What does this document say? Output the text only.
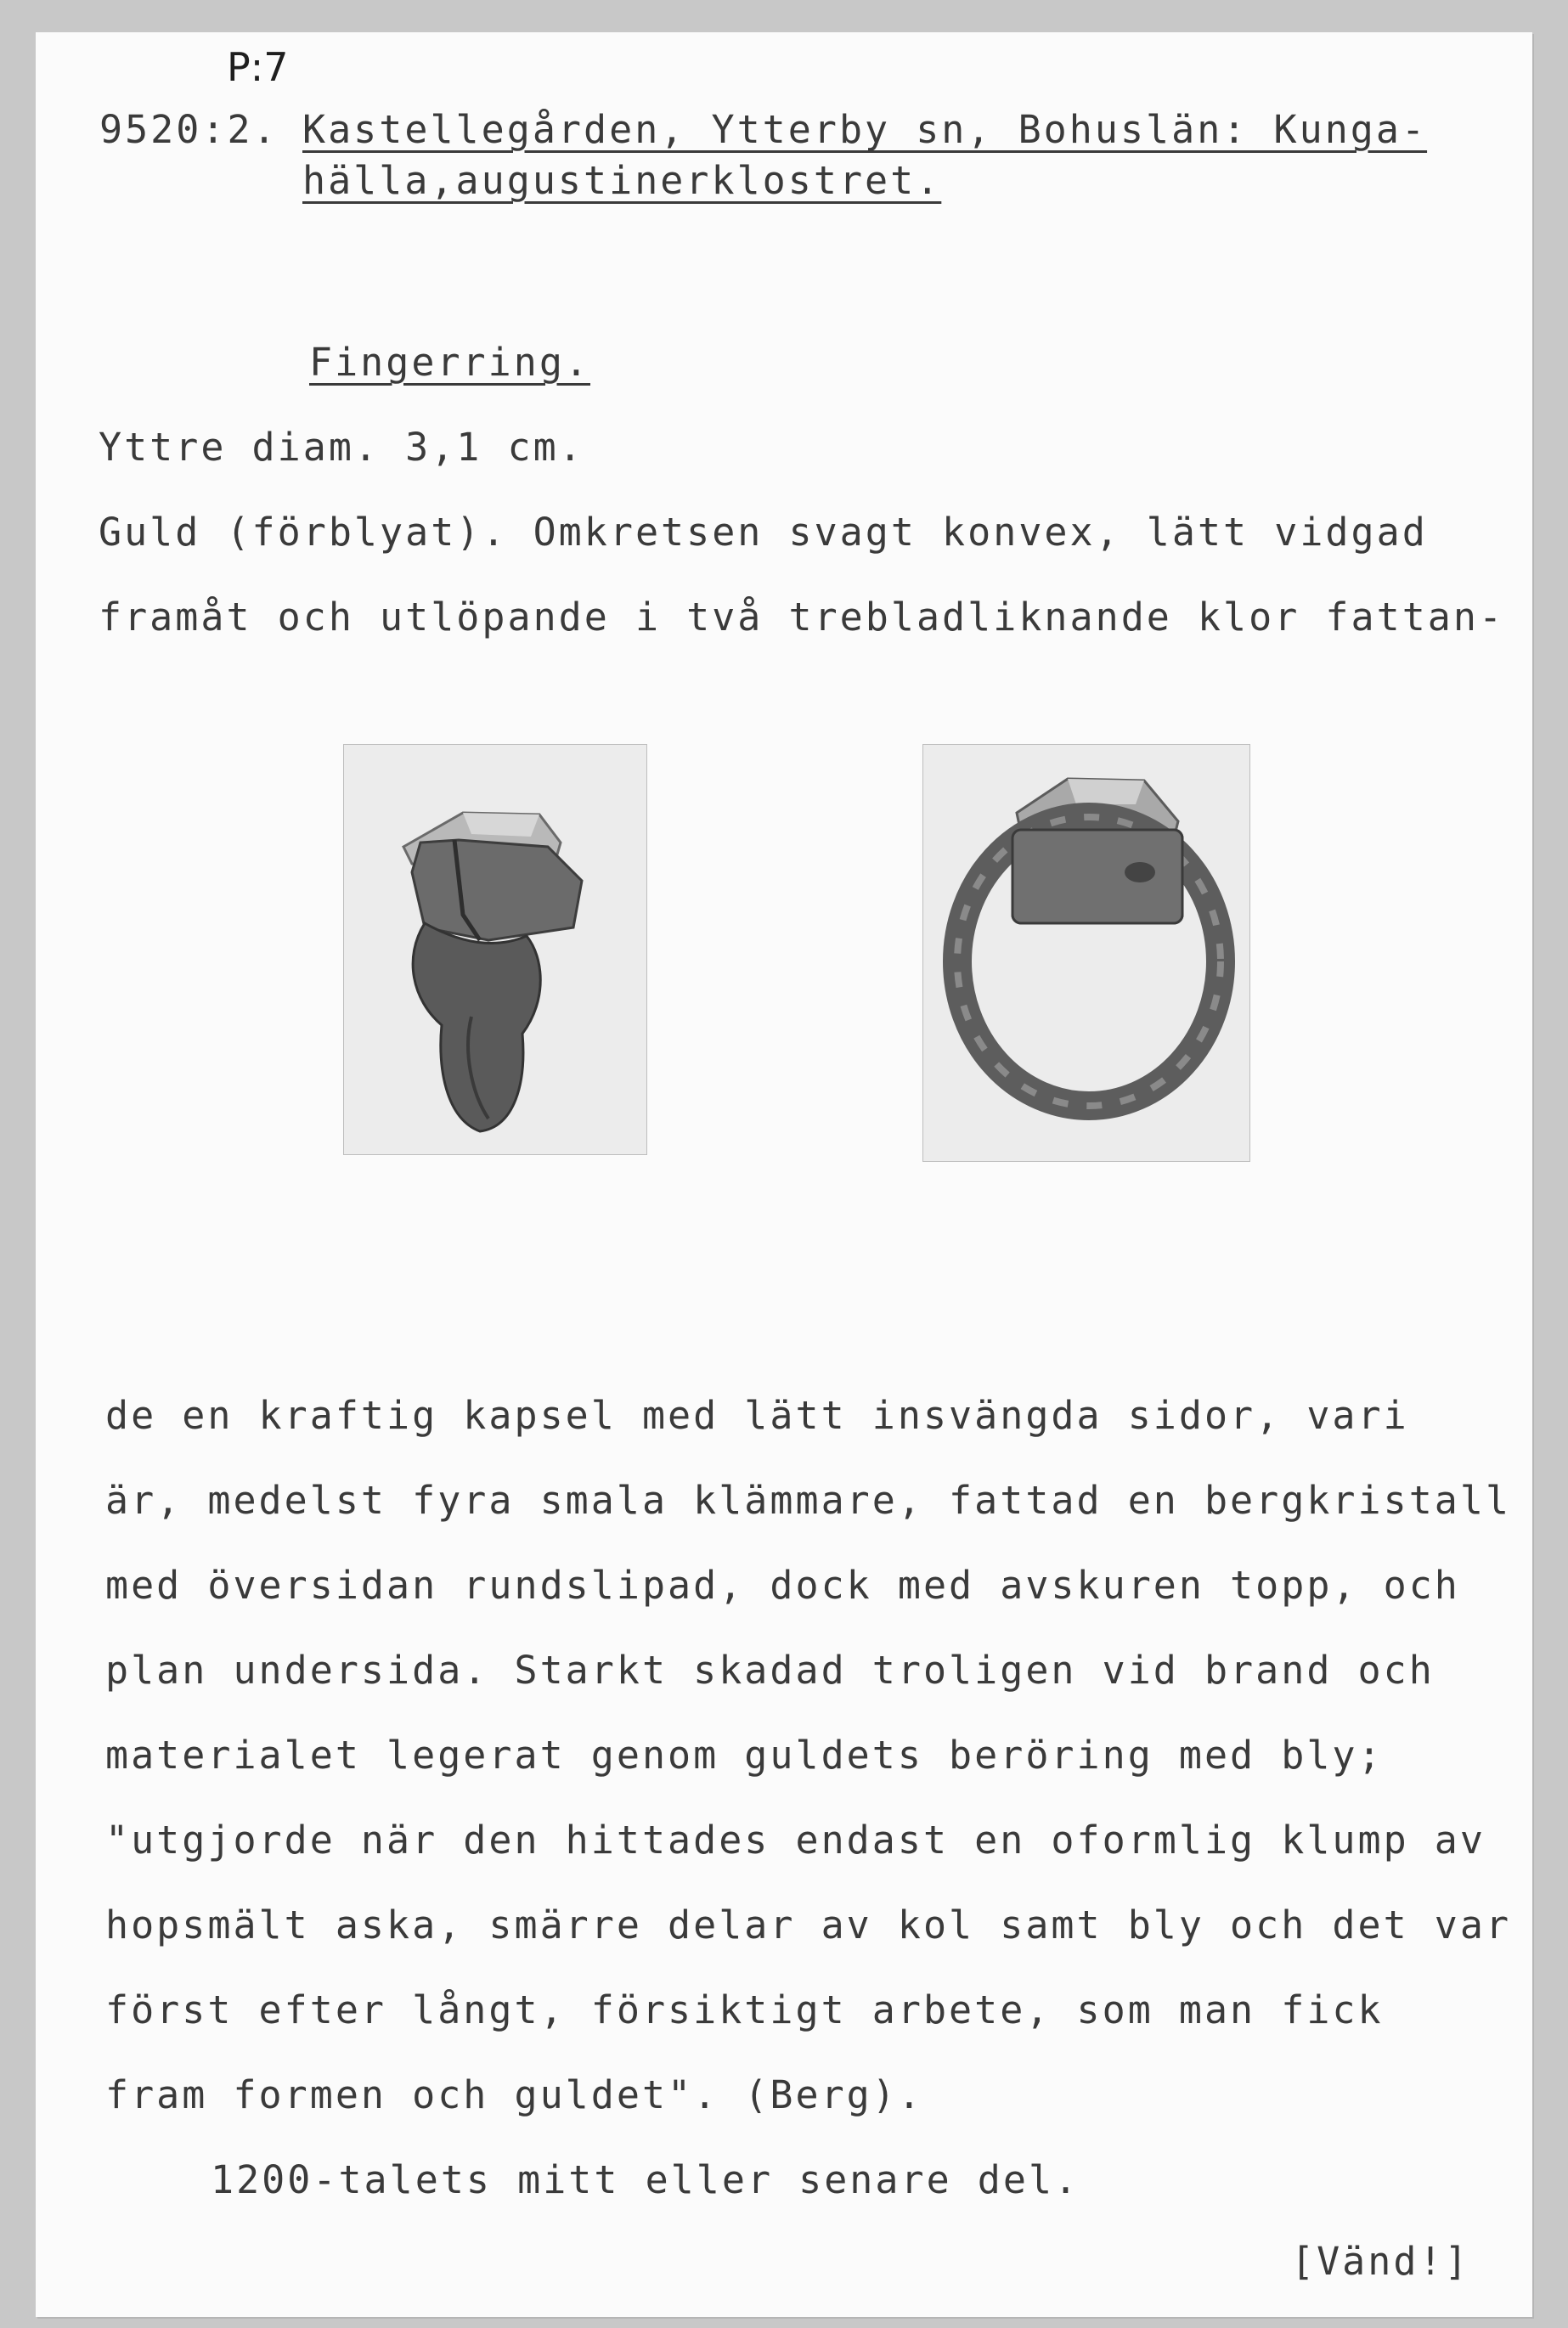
P:7
9520:2. Kastellegården, Ytterby sn, Bohuslän: Kunga-
hälla,augustinerklostret.
Fingerring.
Yttre diam. 3,1 cm.
Guld (förblyat). Omkretsen svagt konvex, lätt vidgad
framåt och utlöpande i två trebladliknande klor fattan-
de en kraftig kapsel med lätt insvängda sidor, vari
är, medelst fyra smala klämmare, fattad en bergkristall
med översidan rundslipad, dock med avskuren topp, och
plan undersida. Starkt skadad troligen vid brand och
materialet legerat genom guldets beröring med bly;
"utgjorde när den hittades endast en oformlig klump av
hopsmält aska, smärre delar av kol samt bly och det var
först efter långt, försiktigt arbete, som man fick
fram formen och guldet". (Berg).
1200-talets mitt eller senare del.
[Vänd!]
